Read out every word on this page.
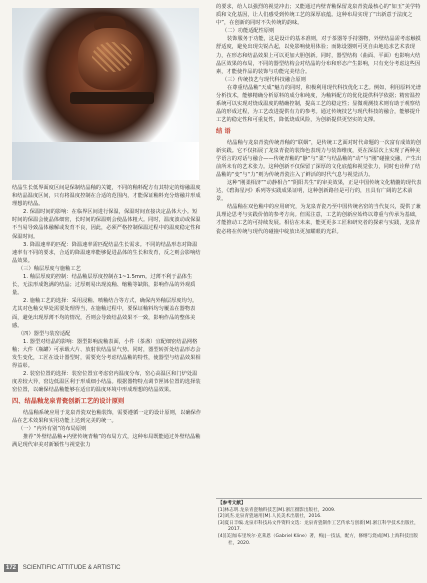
结晶生长低界面度区间是保制结晶釉的关键，不同的釉料配方有其特定的熔融温度和结晶温度区间，只有将温度控制在合适的范围内，才能保证釉料充分熔融并形成理想的结晶。

2. 保温时间的影响：在临界区间进行保温，保温时间直接决定晶体大小。短时间的保温会使晶体细密，长时间的保温则会使晶体粗大。同时，温度波动或保温不当易导致晶体融解或发育不良，因此，必须严格控制保温过程中的温度稳定性和保温时间。

3. 降温速率的匹配：降温速率需匹配结晶生长需求。不同的结晶形态对降温速率有不同的要求，合适的降温速率能够促进晶体的生长和发育，反之则会影响结晶效果。

（三）釉层厚度与施釉工艺

1. 釉层厚度的控制：结晶釉层厚度控制在1~1.5mm。过薄不利于晶体生长，无法形成饱满的结晶；过厚则易出现流釉、缩釉等缺陷，影响作品的外观质量。

2. 施釉工艺的选择：采用浸釉、喷釉结合等方式，确保内外釉层厚度均匀。尤其对色釉交界处需要处理得当，在施釉过程中，要保证釉料均匀覆盖在器物表面，避免出现厚薄不均的情况，否则会导致结晶效果不一致，影响作品的整体美感。

（四）器型与装窑适配

1. 器型对结晶的影响：器型影响流釉表面，小件（茶盏）宜配细密结晶网格釉；大件（瓶罐）可承载大片、放射状结晶显气势。同时，器型转折处结晶形态会发生变化，工匠在设计器型时，需要充分考虑结晶釉的特性，使器型与结晶效果相得益彰。

2. 装窑位置的选择：装窑位置宜考虑窑内温度分布，窑心高温区和门炉处温度差较大异，窑边低温区利于形成细小结晶。根据器物特点调节匣钵位置的选择装窑位置，以确保结晶釉能够在适宜的温度环境中形成理想的结晶效果。

四、结晶釉龙泉青瓷创新工艺的设计原则

结晶釉系统应用于龙泉青瓷双色釉装饰，需要遵循一定的设计原则，以确保作品在艺术效果和实用功能上达到完美的统一。

（一）“内外有别”的布局原则

推荐“外壁结晶釉+内壁传统青釉”的布局方式，这种布局既能通过外壁结晶釉满足现代审美对新颖性与视觉张力

的要求，给人以强烈的视觉冲击；又能通过内壁青釉保留龙泉青瓷最核心的“如玉”美学特质和文化基因，让人们感受到传统工艺的深厚底蕴。这种布局实现了“出新意于法度之中”，在创新的同时不失传统的韵味。

（二）功能适配性原则

装饰服务于功能，这是设计的基本准则，对于茶器等手持器物，外壁结晶需考虑触摸舒适度，避免出现尖锐凸起，以免影响使用体验；而陈设器则可更自由地追求艺术表现力，在形态和结晶效果上可以更加大胆创新。同时，器型结构（曲面、平面）也影响大结晶区效果的布局，不同的器型结构会对结晶的分布和形态产生影响，只有充分考虑这些因素，才能使作品的装饰与功能完美结合。

（三）传统技艺与现代科技融合原则

在尊重结晶釉“天成”魅力的同时，积极利用现代科技优化工艺。例如，利用原料光谱分析技术，能够精确分析原料的成分和纯度，为釉料配方的优化提供科学依据；精密温控系统可以实现对烧成温度的精确控制，提高工艺的稳定性；显微观测技术则有助于观察结晶的形成过程，为工艺改进提供有力的参考。通过传统技艺与现代科技的融合，能够提升工艺的稳定性和可重复性，降低烧成风险，为创新提供更坚实的支撑。

结 语

结晶釉与龙泉青瓷传统青釉的“联姻”，是传统工艺面对时代命题的一次富有成效的创新实践。它不仅拓展了龙泉青瓷的装饰色表现力与装饰维度，更在深层次上实现了两种美学语言的对话与融合——传统青釉的“静”与“柔”与结晶釉的“动”与“刚”碰撞交融，产生出前所未有的艺术张力。这种创新不仅保留了深厚的文化底蕴和视觉张力，同时也诠释了结晶釉的“变”与“力”则为传统青瓷注入了鲜活的时代气息与视觉活力。

这种“刚柔相济”“动静相合”“阴阳共生”的审美效果，正是中国传统文化精髓的现代表达，《碧海星河》系列等实践成果证明，这种创新路径是可行的，且具有广阔的艺术前景。

结晶釉在双色釉中的应用研究，为龙泉青瓷乃至中国传统名窑的当代复兴，提供了兼具理论思考与实践价值的参考方向。但需注意，工艺的创新应始终以尊重与传承为基础，才能推动工艺的可持续发展。相信在未来，能更更多工匠和研究者的探索与实践，龙泉青瓷必将在传统与现代的碰撞中绽放出更加耀眼的光彩。

【参考文献】
[1]林志明.龙泉青瓷釉料技艺[M].浙江摄影出版社，2009.
[2]刘杰.龙泉青瓷通用[M].人民美术出版社，2016.
[3]夏日丰编.龙泉市科技局文件资料文选：龙泉青瓷制作工艺传承与创新[M].浙江科学技术出版社，2017.
[4][美]加布里埃尔·克莱恩（Gabriel Kline）著，梅||一技法，配方，修缮与烧成[M].上海科技出版社，2020.
172 SCIENTIFIC ATTITUDE & ARTISTIC
